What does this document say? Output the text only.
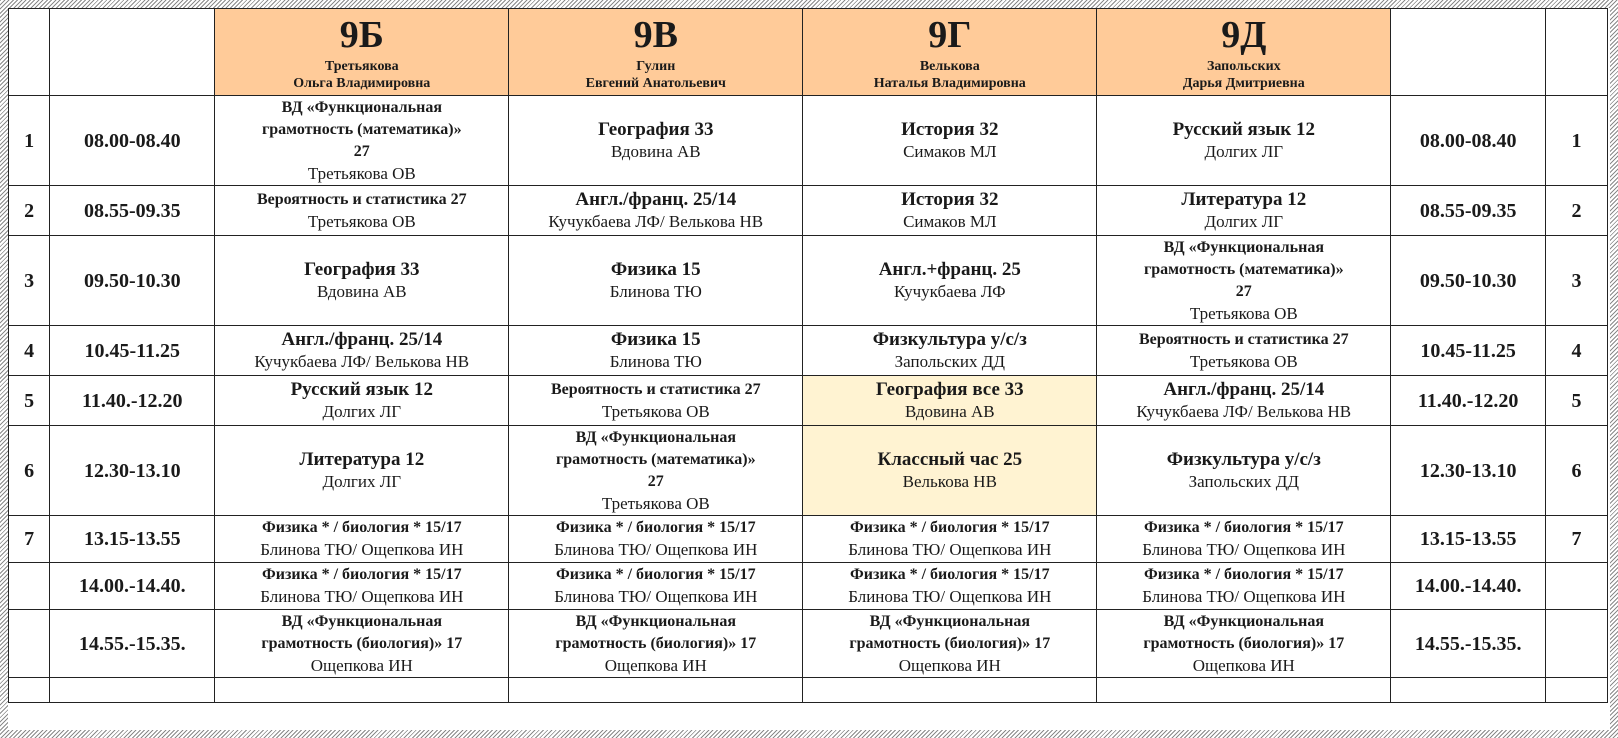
		9Б
Третьякова
Ольга Владимировна	9В
Гулин
Евгений Анатольевич	9Г
Велькова
Наталья Владимировна	9Д
Запольских
Дарья Дмитриевна		

1	08.00-08.40	ВД «Функциональная
грамотность (математика)»
27
Третьякова ОВ	География 33
Вдовина АВ	История 32
Симаков МЛ	Русский язык 12
Долгих ЛГ	08.00-08.40	1
2	08.55-09.35	Вероятность и статистика 27
Третьякова ОВ	Англ./франц. 25/14
Кучукбаева ЛФ/ Велькова НВ	История 32
Симаков МЛ	Литература 12
Долгих ЛГ	08.55-09.35	2
3	09.50-10.30	География 33
Вдовина АВ	Физика 15
Блинова ТЮ	Англ.+франц. 25
Кучукбаева ЛФ	ВД «Функциональная
грамотность (математика)»
27
Третьякова ОВ	09.50-10.30	3
4	10.45-11.25	Англ./франц. 25/14
Кучукбаева ЛФ/ Велькова НВ	Физика 15
Блинова ТЮ	Физкультура у/с/з
Запольских ДД	Вероятность и статистика 27
Третьякова ОВ	10.45-11.25	4
5	11.40.-12.20	Русский язык 12
Долгих ЛГ	Вероятность и статистика 27
Третьякова ОВ	География все 33
Вдовина АВ	Англ./франц. 25/14
Кучукбаева ЛФ/ Велькова НВ	11.40.-12.20	5
6	12.30-13.10	Литература 12
Долгих ЛГ	ВД «Функциональная
грамотность (математика)»
27
Третьякова ОВ	Классный час 25
Велькова НВ	Физкультура у/с/з
Запольских ДД	12.30-13.10	6
7	13.15-13.55	Физика * / биология * 15/17
Блинова ТЮ/ Ощепкова ИН	Физика * / биология * 15/17
Блинова ТЮ/ Ощепкова ИН	Физика * / биология * 15/17
Блинова ТЮ/ Ощепкова ИН	Физика * / биология * 15/17
Блинова ТЮ/ Ощепкова ИН	13.15-13.55	7
	14.00.-14.40.	Физика * / биология * 15/17
Блинова ТЮ/ Ощепкова ИН	Физика * / биология * 15/17
Блинова ТЮ/ Ощепкова ИН	Физика * / биология * 15/17
Блинова ТЮ/ Ощепкова ИН	Физика * / биология * 15/17
Блинова ТЮ/ Ощепкова ИН	14.00.-14.40.	
	14.55.-15.35.	ВД «Функциональная
грамотность (биология)» 17
Ощепкова ИН	ВД «Функциональная
грамотность (биология)» 17
Ощепкова ИН	ВД «Функциональная
грамотность (биология)» 17
Ощепкова ИН	ВД «Функциональная
грамотность (биология)» 17
Ощепкова ИН	14.55.-15.35.	
